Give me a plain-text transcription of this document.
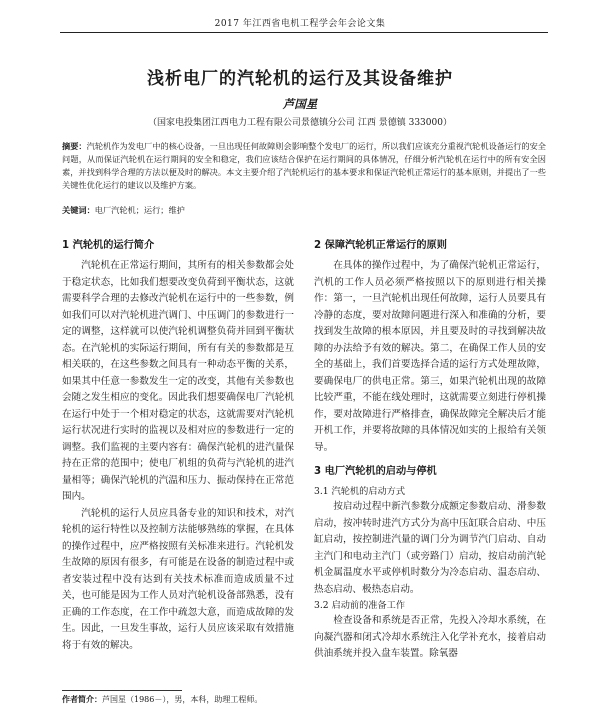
2017 年江西省电机工程学会年会论文集
浅析电厂的汽轮机的运行及其设备维护
芦国星
（国家电投集团江西电力工程有限公司景德镇分公司 江西 景德镇 333000）
摘要：汽轮机作为发电厂中的核心设备，一旦出现任何故障则会影响整个发电厂的运行，所以我们应该充分重视汽轮机设备运行的安全问题，从而保证汽轮机在运行期间的安全和稳定，我们应该结合保护在运行期间的具体情况，仔细分析汽轮机在运行中的所有安全因素，并找到科学合理的方法以便及时的解决。本文主要介绍了汽轮机运行的基本要求和保证汽轮机正常运行的基本原则，并提出了一些关键性优化运行的建议以及维护方案。
关键词：电厂汽轮机；运行；维护

1 汽轮机的运行简介

汽轮机在正常运行期间，其所有的相关参数都会处于稳定状态，比如我们想要改变负荷到平衡状态，这就需要科学合理的去修改汽轮机在运行中的一些参数，例如我们可以对汽轮机进汽调门、中压调门的参数进行一定的调整，这样就可以使汽轮机调整负荷并回到平衡状态。在汽轮机的实际运行期间，所有有关的参数都是互相关联的，在这些参数之间具有一种动态平衡的关系，如果其中任意一参数发生一定的改变，其他有关参数也会随之发生相应的变化。因此我们想要确保电厂汽轮机在运行中处于一个相对稳定的状态，这就需要对汽轮机运行状况进行实时的监视以及相对应的参数进行一定的调整。我们监视的主要内容有：确保汽轮机的进汽量保持在正常的范围中；使电厂机组的负荷与汽轮机的进汽量相等；确保汽轮机的汽温和压力、振动保持在正常范围内。

汽轮机的运行人员应具备专业的知识和技术，对汽轮机的运行特性以及控制方法能够熟练的掌握，在具体的操作过程中，应严格按照有关标准来进行。汽轮机发生故障的原因有很多，有可能是在设备的制造过程中或者安装过程中没有达到有关技术标准而造成质量不过关，也可能是因为工作人员对汽轮机设备部熟悉，没有正确的工作态度，在工作中疏忽大意，而造成故障的发生。因此，一旦发生事故，运行人员应该采取有效措施将于有效的解决。

2 保障汽轮机正常运行的原则

在具体的操作过程中，为了确保汽轮机正常运行，汽机的工作人员必须严格按照以下的原则进行相关操作：第一，一旦汽轮机出现任何故障，运行人员要具有冷静的态度，要对故障问题进行深入和准确的分析，要找到发生故障的根本原因，并且要及时的寻找到解决故障的办法给予有效的解决。第二，在确保工作人员的安全的基础上，我们首要选择合适的运行方式处理故障，要确保电厂的供电正常。第三，如果汽轮机出现的故障比较严重，不能在线处理时，这就需要立刻进行停机操作，要对故障进行严格排查，确保故障完全解决后才能开机工作，并要将故障的具体情况如实的上报给有关领导。

3 电厂汽轮机的启动与停机

3.1 汽轮机的启动方式

按启动过程中新汽参数分成额定参数启动、滑参数启动，按冲转时进汽方式分为高中压缸联合启动、中压缸启动，按控制进汽量的调门分为调节汽门启动、自动主汽门和电动主汽门（或旁路门）启动，按启动前汽轮机金属温度水平或停机时数分为冷态启动、温态启动、热态启动、极热态启动。

3.2 启动前的准备工作

检查设备和系统是否正常，先投入冷却水系统，在向凝汽器和闭式冷却水系统注入化学补充水，接着启动供油系统并投入盘车装置。除氧器

作者简介：芦国星（1986－），男，本科，助理工程师。
